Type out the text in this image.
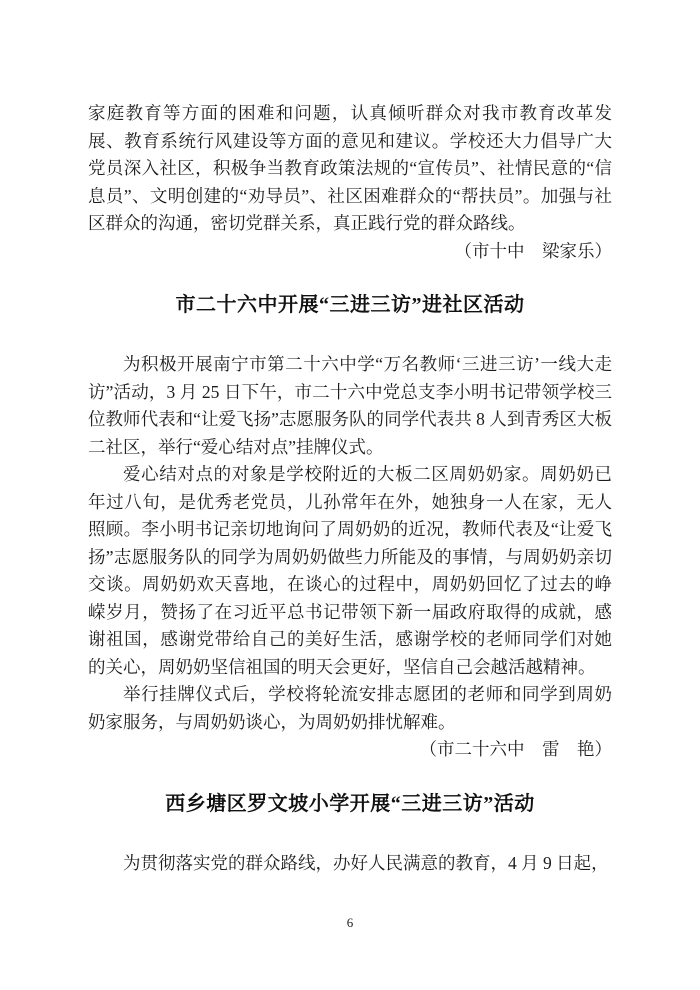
家庭教育等方面的困难和问题，认真倾听群众对我市教育改革发展、教育系统行风建设等方面的意见和建议。学校还大力倡导广大党员深入社区，积极争当教育政策法规的“宣传员”、社情民意的“信息员”、文明创建的“劝导员”、社区困难群众的“帮扶员”。加强与社区群众的沟通，密切党群关系，真正践行党的群众路线。

（市十中　梁家乐）

市二十六中开展“三进三访”进社区活动

为积极开展南宁市第二十六中学“万名教师‘三进三访’一线大走访”活动，3 月 25 日下午，市二十六中党总支李小明书记带领学校三位教师代表和“让爱飞扬”志愿服务队的同学代表共 8 人到青秀区大板二社区，举行“爱心结对点”挂牌仪式。

爱心结对点的对象是学校附近的大板二区周奶奶家。周奶奶已年过八旬，是优秀老党员，儿孙常年在外，她独身一人在家，无人照顾。李小明书记亲切地询问了周奶奶的近况，教师代表及“让爱飞扬”志愿服务队的同学为周奶奶做些力所能及的事情，与周奶奶亲切交谈。周奶奶欢天喜地，在谈心的过程中，周奶奶回忆了过去的峥嵘岁月，赞扬了在习近平总书记带领下新一届政府取得的成就，感谢祖国，感谢党带给自己的美好生活，感谢学校的老师同学们对她的关心，周奶奶坚信祖国的明天会更好，坚信自己会越活越精神。

举行挂牌仪式后，学校将轮流安排志愿团的老师和同学到周奶奶家服务，与周奶奶谈心，为周奶奶排忧解难。

（市二十六中　雷　艳）

西乡塘区罗文坡小学开展“三进三访”活动

为贯彻落实党的群众路线，办好人民满意的教育，4 月 9 日起，

6
